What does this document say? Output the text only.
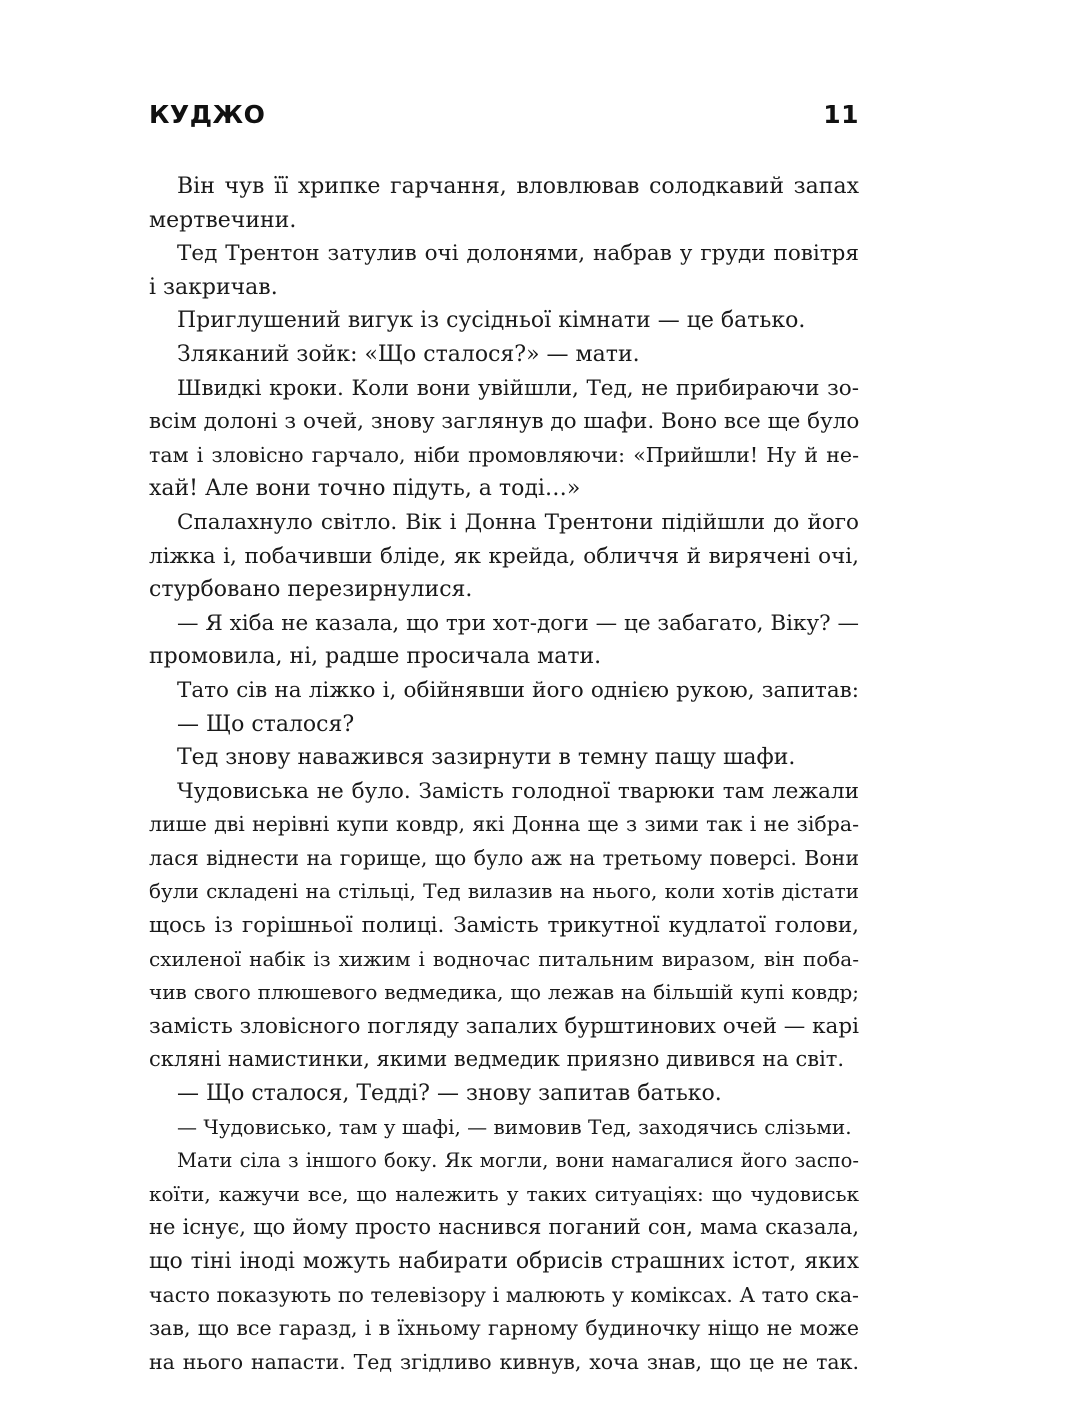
КУДЖО	11
Він чув її хрипке гарчання, вловлював солодкавий запах
мертвечини.
Тед Трентон затулив очі долонями, набрав у груди повітря
і закричав.
Приглушений вигук із сусідньої кімнати — це батько.
Зляканий зойк: «Що сталося?» — мати.
Швидкі кроки. Коли вони увійшли, Тед, не прибираючи зо-
всім долоні з очей, знову заглянув до шафи. Воно все ще було
там і зловісно гарчало, ніби промовляючи: «Прийшли! Ну й не-
хай! Але вони точно підуть, а тоді…»
Спалахнуло світло. Вік і Донна Трентони підійшли до його
ліжка і, побачивши бліде, як крейда, обличчя й вирячені очі,
стурбовано перезирнулися.
— Я хіба не казала, що три хот-доги — це забагато, Віку? —
промовила, ні, радше просичала мати.
Тато сів на ліжко і, обійнявши його однією рукою, запитав:
— Що сталося?
Тед знову наважився зазирнути в темну пащу шафи.
Чудовиська не було. Замість голодної тварюки там лежали
лише дві нерівні купи ковдр, які Донна ще з зими так і не зібра-
лася віднести на горище, що було аж на третьому поверсі. Вони
були складені на стільці, Тед вилазив на нього, коли хотів дістати
щось із горішньої полиці. Замість трикутної кудлатої голови,
схиленої набік із хижим і водночас питальним виразом, він поба-
чив свого плюшевого ведмедика, що лежав на більшій купі ковдр;
замість зловісного погляду запалих бурштинових очей — карі
скляні намистинки, якими ведмедик приязно дивився на світ.
— Що сталося, Тедді? — знову запитав батько.
— Чудовисько, там у шафі, — вимовив Тед, заходячись слізьми.
Мати сіла з іншого боку. Як могли, вони намагалися його заспо-
коїти, кажучи все, що належить у таких ситуаціях: що чудовиськ
не існує, що йому просто наснився поганий сон, мама сказала,
що тіні іноді можуть набирати обрисів страшних істот, яких
часто показують по телевізору і малюють у коміксах. А тато ска-
зав, що все гаразд, і в їхньому гарному будиночку ніщо не може
на нього напасти. Тед згідливо кивнув, хоча знав, що це не так.
